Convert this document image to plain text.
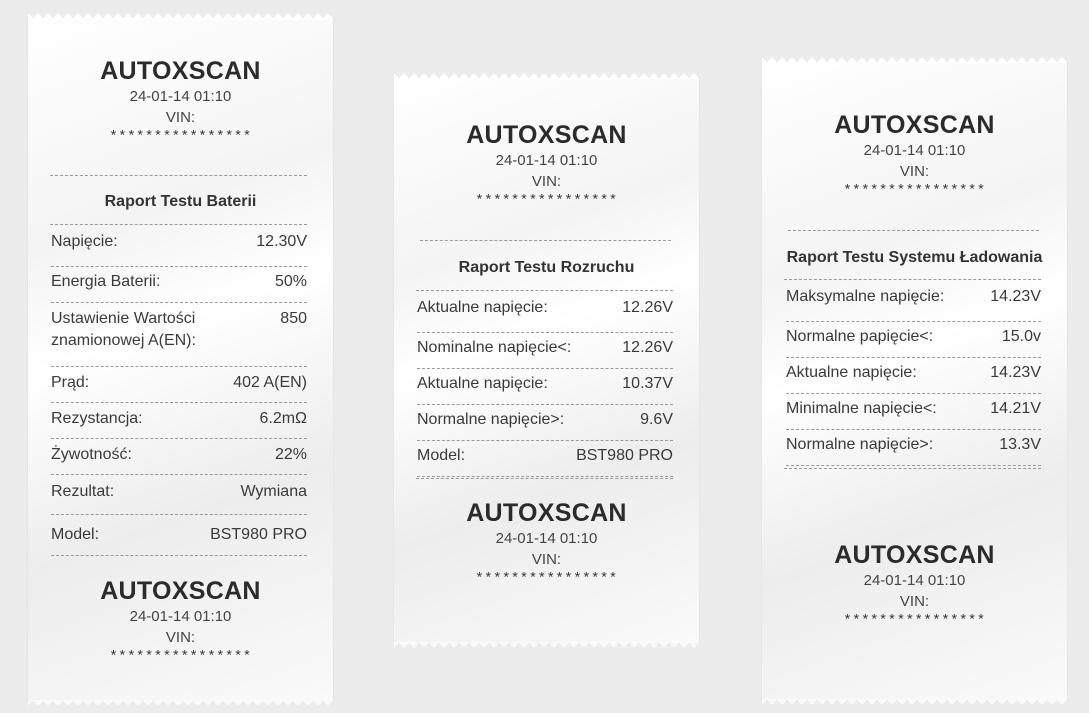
AUTOXSCAN
24-01-14 01:10
VIN:
****************
Raport Testu Baterii
Napięcie:	12.30V
Energia Baterii:	50%
Ustawienie Wartości
znamionowej A(EN):
850
Prąd:	402 A(EN)
Rezystancja:	6.2mΩ
Żywotność:	22%
Rezultat:	Wymiana
Model:	BST980 PRO
AUTOXSCAN
24-01-14 01:10
VIN:
****************
AUTOXSCAN
24-01-14 01:10
VIN:
****************
Raport Testu Rozruchu
Aktualne napięcie:	12.26V
Nominalne napięcie<:	12.26V
Aktualne napięcie:	10.37V
Normalne napięcie>:	9.6V
Model:	BST980 PRO
AUTOXSCAN
24-01-14 01:10
VIN:
****************
AUTOXSCAN
24-01-14 01:10
VIN:
****************
Raport Testu Systemu Ładowania
Maksymalne napięcie:	14.23V
Normalne papięcie<:	15.0v
Aktualne napięcie:	14.23V
Minimalne napięcie<:	14.21V
Normalne napięcie>:	13.3V
AUTOXSCAN
24-01-14 01:10
VIN:
****************
